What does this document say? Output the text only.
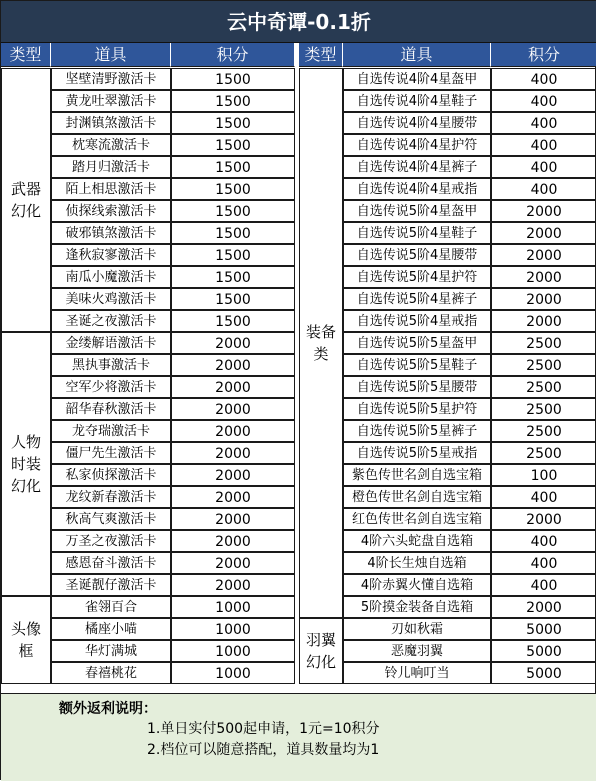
云中奇谭-0.1折
类型	道具	积分	类型	道具	积分
武器幻化
坚壁清野激活卡	1500
黄龙吐翠激活卡	1500
封渊镇煞激活卡	1500
枕寒流激活卡	1500
踏月归激活卡	1500
陌上相思激活卡	1500
侦探线索激活卡	1500
破邪镇煞激活卡	1500
逢秋寂寥激活卡	1500
南瓜小魔激活卡	1500
美味火鸡激活卡	1500
圣诞之夜激活卡	1500
人物时装幻化
金缕解语激活卡	2000
黑执事激活卡	2000
空军少将激活卡	2000
韶华春秋激活卡	2000
龙夺瑞激活卡	2000
僵尸先生激活卡	2000
私家侦探激活卡	2000
龙纹新春激活卡	2000
秋高气爽激活卡	2000
万圣之夜激活卡	2000
感恩奋斗激活卡	2000
圣诞靓仔激活卡	2000
头像框
雀翎百合	1000
橘座小喵	1000
华灯满城	1000
春禧桃花	1000
装备类
自选传说4阶4星盔甲	400
自选传说4阶4星鞋子	400
自选传说4阶4星腰带	400
自选传说4阶4星护符	400
自选传说4阶4星裤子	400
自选传说4阶4星戒指	400
自选传说5阶4星盔甲	2000
自选传说5阶4星鞋子	2000
自选传说5阶4星腰带	2000
自选传说5阶4星护符	2000
自选传说5阶4星裤子	2000
自选传说5阶4星戒指	2000
自选传说5阶5星盔甲	2500
自选传说5阶5星鞋子	2500
自选传说5阶5星腰带	2500
自选传说5阶5星护符	2500
自选传说5阶5星裤子	2500
自选传说5阶5星戒指	2500
紫色传世名剑自选宝箱	100
橙色传世名剑自选宝箱	400
红色传世名剑自选宝箱	2000
4阶六头蛇盘自选箱	400
4阶长生烛自选箱	400
4阶赤翼火懂自选箱	400
5阶摸金装备自选箱	2000
羽翼幻化
刃如秋霜	5000
恶魔羽翼	5000
铃儿响叮当	5000
额外返利说明：
1.单日实付500起申请，1元=10积分
2.档位可以随意搭配，道具数量均为1
